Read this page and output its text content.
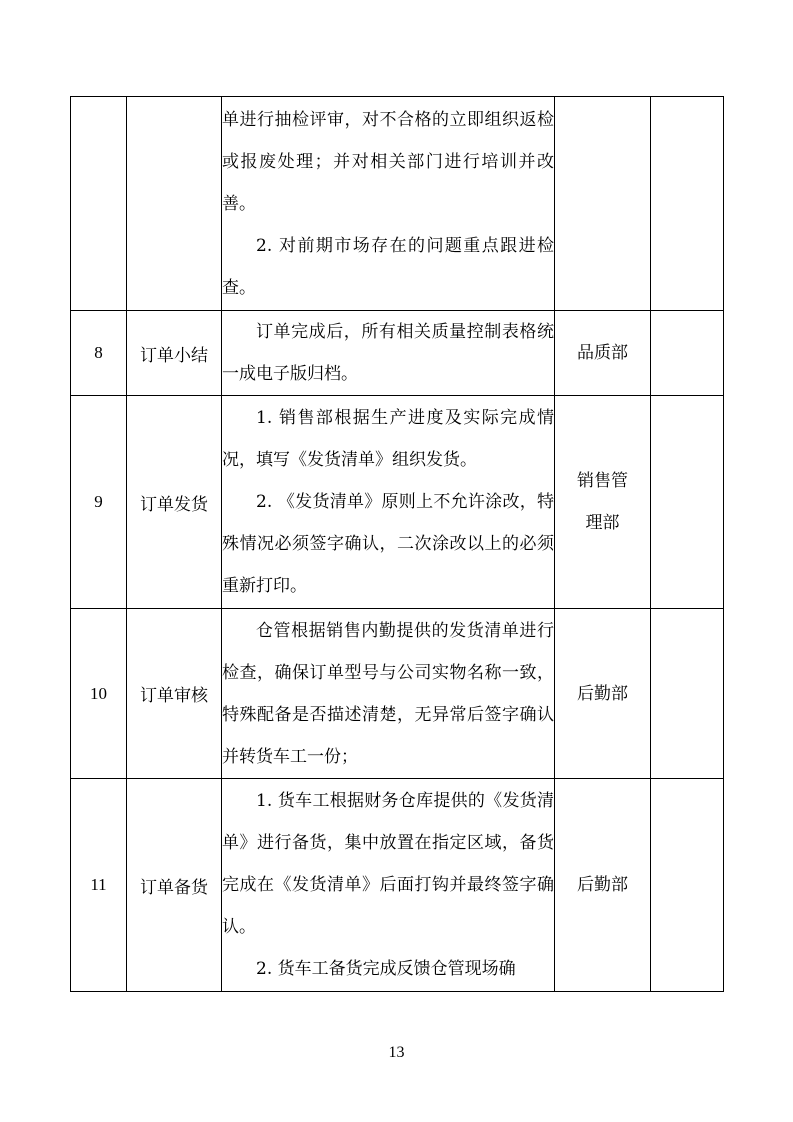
		单进行抽检评审，对不合格的立即组织返检或报废处理；并对相关部门进行培训并改善。

2. 对前期市场存在的问题重点跟进检查。		

8	订单小结	订单完成后，所有相关质量控制表格统一成电子版归档。	品质部	
9	订单发货	1. 销售部根据生产进度及实际完成情况，填写《发货清单》组织发货。

2. 《发货清单》原则上不允许涂改，特殊情况必须签字确认，二次涂改以上的必须重新打印。	销售管理部	
10	订单审核	仓管根据销售内勤提供的发货清单进行检查，确保订单型号与公司实物名称一致，特殊配备是否描述清楚，无异常后签字确认并转货车工一份；	后勤部	
11	订单备货	1. 货车工根据财务仓库提供的《发货清单》进行备货，集中放置在指定区域，备货完成在《发货清单》后面打钩并最终签字确认。

2. 货车工备货完成反馈仓管现场确	后勤部	
13
